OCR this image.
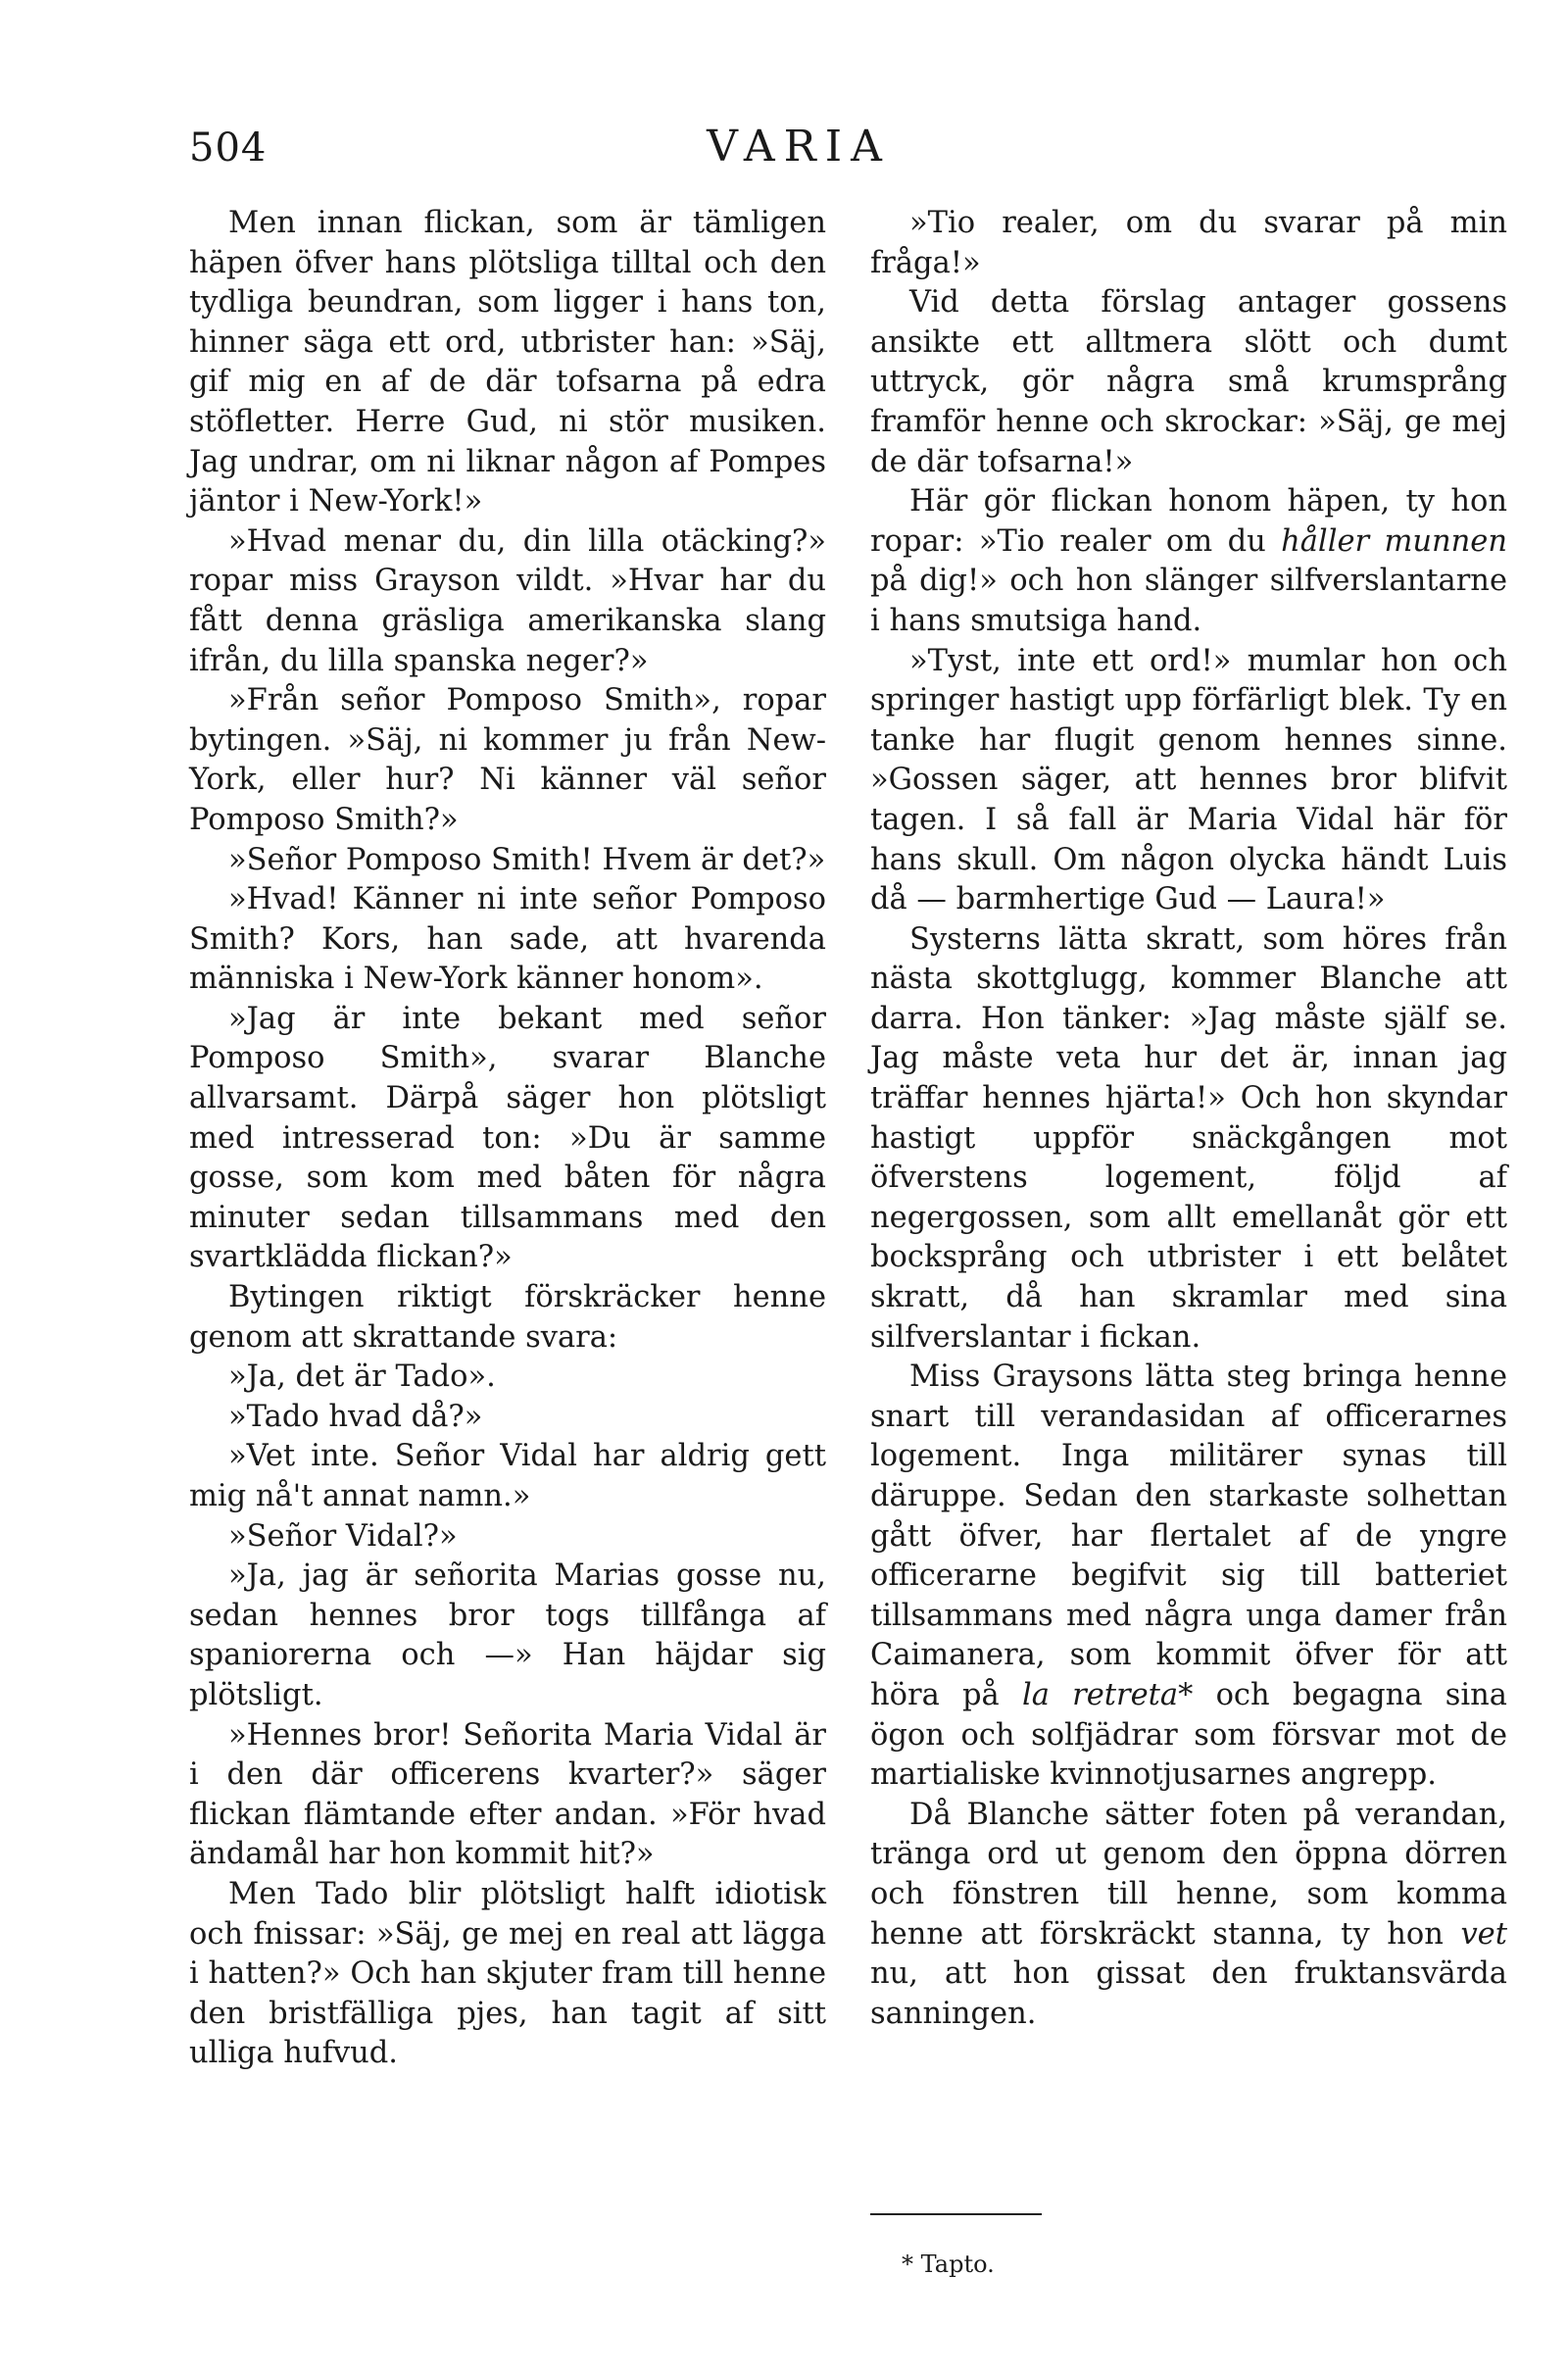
504	VARIA

Men innan flickan, som är tämligen häpen öfver hans plötsliga tilltal och den tydliga beundran, som ligger i hans ton, hinner säga ett ord, utbrister han: »Säj, gif mig en af de där tofsarna på edra stöfletter. Herre Gud, ni stör musiken. Jag undrar, om ni liknar någon af Pompes jäntor i New-York!»

»Hvad menar du, din lilla otäcking?» ropar miss Grayson vildt. »Hvar har du fått denna gräsliga amerikanska slang ifrån, du lilla spanska neger?»

»Från señor Pomposo Smith», ropar bytingen. »Säj, ni kommer ju från New-York, eller hur? Ni känner väl señor Pomposo Smith?»

»Señor Pomposo Smith! Hvem är det?»

»Hvad! Känner ni inte señor Pomposo Smith? Kors, han sade, att hvarenda människa i New-York känner honom».

»Jag är inte bekant med señor Pomposo Smith», svarar Blanche allvarsamt. Därpå säger hon plötsligt med intresserad ton: »Du är samme gosse, som kom med båten för några minuter sedan tillsammans med den svartklädda flickan?»

Bytingen riktigt förskräcker henne genom att skrattande svara:

»Ja, det är Tado».

»Tado hvad då?»

»Vet inte. Señor Vidal har aldrig gett mig nå't annat namn.»

»Señor Vidal?»

»Ja, jag är señorita Marias gosse nu, sedan hennes bror togs tillfånga af spaniorerna och —» Han häjdar sig plötsligt.

»Hennes bror! Señorita Maria Vidal är i den där officerens kvarter?» säger flickan flämtande efter andan. »För hvad ändamål har hon kommit hit?»

Men Tado blir plötsligt halft idiotisk och fnissar: »Säj, ge mej en real att lägga i hatten?» Och han skjuter fram till henne den bristfälliga pjes, han tagit af sitt ulliga hufvud.

»Tio realer, om du svarar på min fråga!»

Vid detta förslag antager gossens ansikte ett alltmera slött och dumt uttryck, gör några små krumsprång framför henne och skrockar: »Säj, ge mej de där tofsarna!»

Här gör flickan honom häpen, ty hon ropar: »Tio realer om du håller munnen på dig!» och hon slänger silfverslantarne i hans smutsiga hand.

»Tyst, inte ett ord!» mumlar hon och springer hastigt upp förfärligt blek. Ty en tanke har flugit genom hennes sinne. »Gossen säger, att hennes bror blifvit tagen. I så fall är Maria Vidal här för hans skull. Om någon olycka händt Luis då — barmhertige Gud — Laura!»

Systerns lätta skratt, som höres från nästa skottglugg, kommer Blanche att darra. Hon tänker: »Jag måste själf se. Jag måste veta hur det är, innan jag träffar hennes hjärta!» Och hon skyndar hastigt uppför snäckgången mot öfverstens logement, följd af negergossen, som allt emellanåt gör ett bocksprång och utbrister i ett belåtet skratt, då han skramlar med sina silfverslantar i fickan.

Miss Graysons lätta steg bringa henne snart till verandasidan af officerarnes logement. Inga militärer synas till däruppe. Sedan den starkaste solhettan gått öfver, har flertalet af de yngre officerarne begifvit sig till batteriet tillsammans med några unga damer från Caimanera, som kommit öfver för att höra på la retreta* och begagna sina ögon och solfjädrar som försvar mot de martialiske kvinnotjusarnes angrepp.

Då Blanche sätter foten på verandan, tränga ord ut genom den öppna dörren och fönstren till henne, som komma henne att förskräckt stanna, ty hon vet nu, att hon gissat den fruktansvärda sanningen.

* Tapto.
